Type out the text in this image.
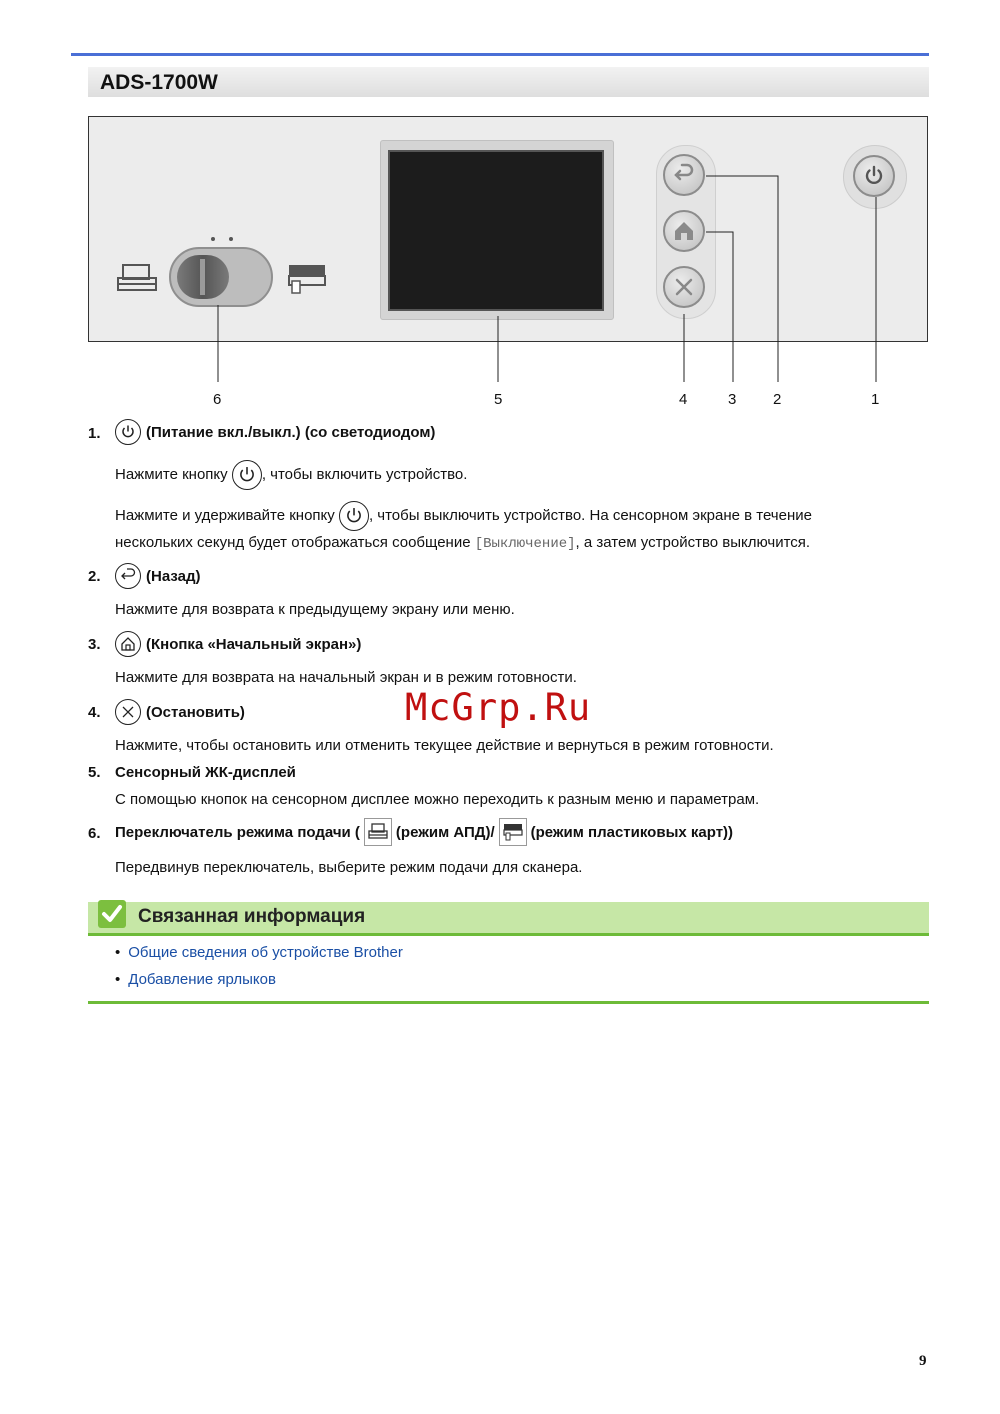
ADS-1700W
6	5	4	3 2	1
1.	(Питание вкл./выкл.) (со светодиодом)
Нажмите кнопку
, чтобы включить устройство.
Нажмите и удерживайте кнопку
, чтобы выключить устройство. На сенсорном экране в течение
нескольких секунд будет отображаться сообщение [Выключение], а затем устройство выключится.
2.	(Назад)
Нажмите для возврата к предыдущему экрану или меню.
3.	(Кнопка «Начальный экран»)
Нажмите для возврата на начальный экран и в режим готовности.
4.	(Остановить)
Нажмите, чтобы остановить или отменить текущее действие и вернуться в режим готовности.
5. Сенсорный ЖК-дисплей
С помощью кнопок на сенсорном дисплее можно переходить к разным меню и параметрам.
6. Переключатель режима подачи ( (режим АПД)/ (режим пластиковых карт))
Передвинув переключатель, выберите режим подачи для сканера.
Связанная информация
• Общие сведения об устройстве Brother
• Добавление ярлыков
McGrp.Ru
9
